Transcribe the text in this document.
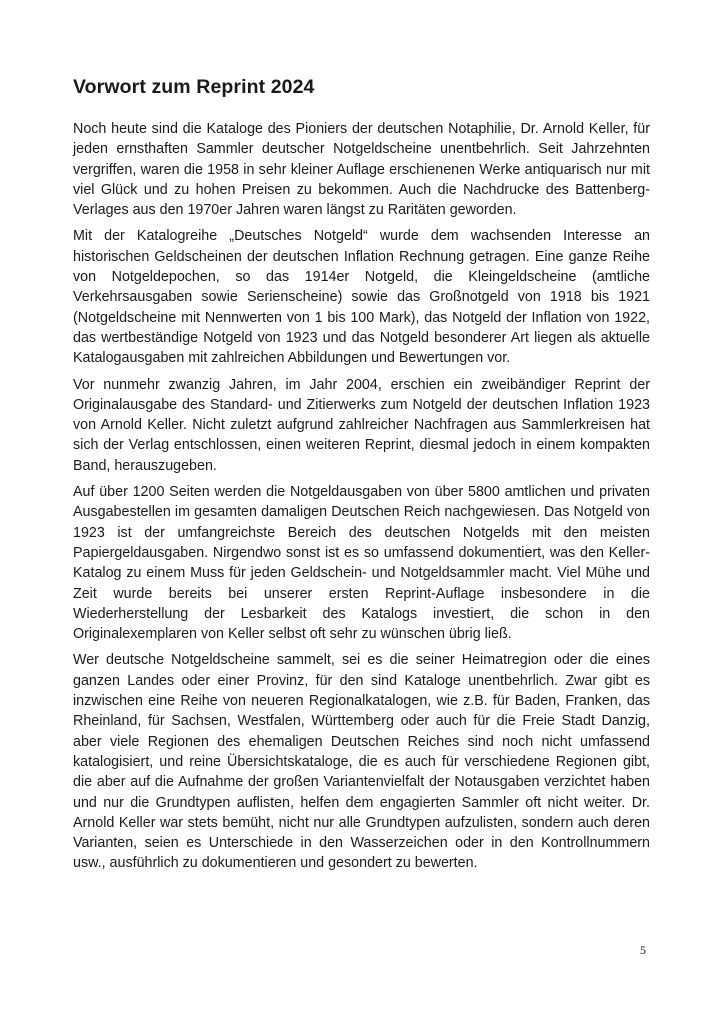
Vorwort zum Reprint 2024

Noch heute sind die Kataloge des Pioniers der deutschen Notaphilie, Dr. Arnold Keller, für jeden ernsthaften Sammler deutscher Notgeldscheine unentbehrlich. Seit Jahrzehnten vergriffen, waren die 1958 in sehr kleiner Auflage erschienenen Werke antiquarisch nur mit viel Glück und zu hohen Preisen zu bekommen. Auch die Nachdrucke des Battenberg-Verlages aus den 1970er Jahren waren längst zu Raritäten geworden.

Mit der Katalogreihe „Deutsches Notgeld“ wurde dem wachsenden Interesse an historischen Geldscheinen der deutschen Inflation Rechnung getragen. Eine ganze Reihe von Notgeldepochen, so das 1914er Notgeld, die Kleingeldscheine (amtliche Verkehrsausgaben sowie Serienscheine) sowie das Großnotgeld von 1918 bis 1921 (Notgeldscheine mit Nennwerten von 1 bis 100 Mark), das Notgeld der Inflation von 1922, das wertbeständige Notgeld von 1923 und das Notgeld besonderer Art liegen als aktuelle Katalogausgaben mit zahlreichen Abbildungen und Bewertungen vor.

Vor nunmehr zwanzig Jahren, im Jahr 2004, erschien ein zweibändiger Reprint der Originalausgabe des Standard- und Zitierwerks zum Notgeld der deutschen Inflation 1923 von Arnold Keller. Nicht zuletzt aufgrund zahlreicher Nachfragen aus Sammlerkreisen hat sich der Verlag entschlossen, einen weiteren Reprint, diesmal jedoch in einem kompakten Band, herauszugeben.

Auf über 1200 Seiten werden die Notgeldausgaben von über 5800 amtlichen und privaten Ausgabestellen im gesamten damaligen Deutschen Reich nachgewiesen. Das Notgeld von 1923 ist der umfangreichste Bereich des deutschen Notgelds mit den meisten Papiergeldausgaben. Nirgendwo sonst ist es so umfassend dokumentiert, was den Keller-Katalog zu einem Muss für jeden Geldschein- und Notgeldsammler macht. Viel Mühe und Zeit wurde bereits bei unserer ersten Reprint-Auflage insbesondere in die Wiederherstellung der Lesbarkeit des Katalogs investiert, die schon in den Originalexemplaren von Keller selbst oft sehr zu wünschen übrig ließ.

Wer deutsche Notgeldscheine sammelt, sei es die seiner Heimatregion oder die eines ganzen Landes oder einer Provinz, für den sind Kataloge unentbehrlich. Zwar gibt es inzwischen eine Reihe von neueren Regionalkatalogen, wie z.B. für Baden, Franken, das Rheinland, für Sachsen, Westfalen, Württemberg oder auch für die Freie Stadt Danzig, aber viele Regionen des ehemaligen Deutschen Reiches sind noch nicht umfassend katalogisiert, und reine Übersichtskataloge, die es auch für verschiedene Regionen gibt, die aber auf die Aufnahme der großen Variantenvielfalt der Notausgaben verzichtet haben und nur die Grundtypen auflisten, helfen dem engagierten Sammler oft nicht weiter. Dr. Arnold Keller war stets bemüht, nicht nur alle Grundtypen aufzulisten, sondern auch deren Varianten, seien es Unterschiede in den Wasserzeichen oder in den Kontrollnummern usw., ausführlich zu dokumentieren und gesondert zu bewerten.

5
